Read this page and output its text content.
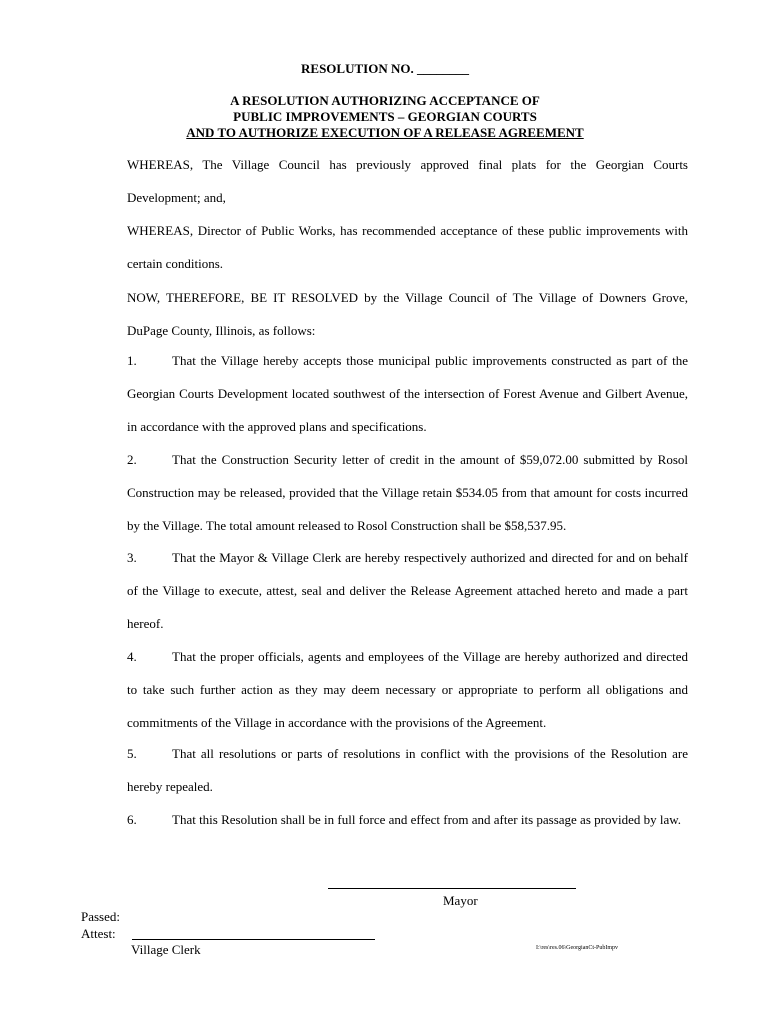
RESOLUTION NO. ________
A RESOLUTION AUTHORIZING ACCEPTANCE OF
PUBLIC IMPROVEMENTS – GEORGIAN COURTS
AND TO AUTHORIZE EXECUTION OF A RELEASE AGREEMENT
WHEREAS, The Village Council has previously approved final plats for the Georgian Courts Development; and,
WHEREAS, Director of Public Works, has recommended acceptance of these public improvements with certain conditions.
NOW, THEREFORE, BE IT RESOLVED by the Village Council of The Village of Downers Grove, DuPage County, Illinois, as follows:
1.	That the Village hereby accepts those municipal public improvements constructed as part of the Georgian Courts Development located southwest of the intersection of Forest Avenue and Gilbert Avenue, in accordance with the approved plans and specifications.
2.	That the Construction Security letter of credit in the amount of $59,072.00 submitted by Rosol Construction may be released, provided that the Village retain $534.05 from that amount for costs incurred by the Village. The total amount released to Rosol Construction shall be $58,537.95.
3.	That the Mayor & Village Clerk are hereby respectively authorized and directed for and on behalf of the Village to execute, attest, seal and deliver the Release Agreement attached hereto and made a part hereof.
4.	That the proper officials, agents and employees of the Village are hereby authorized and directed to take such further action as they may deem necessary or appropriate to perform all obligations and commitments of the Village in accordance with the provisions of the Agreement.
5.	That all resolutions or parts of resolutions in conflict with the provisions of the Resolution are hereby repealed.
6.	That this Resolution shall be in full force and effect from and after its passage as provided by law.
Mayor
Passed:
Attest:
Village Clerk	I:\res\res.06\GeorgianCt-PubImpv
